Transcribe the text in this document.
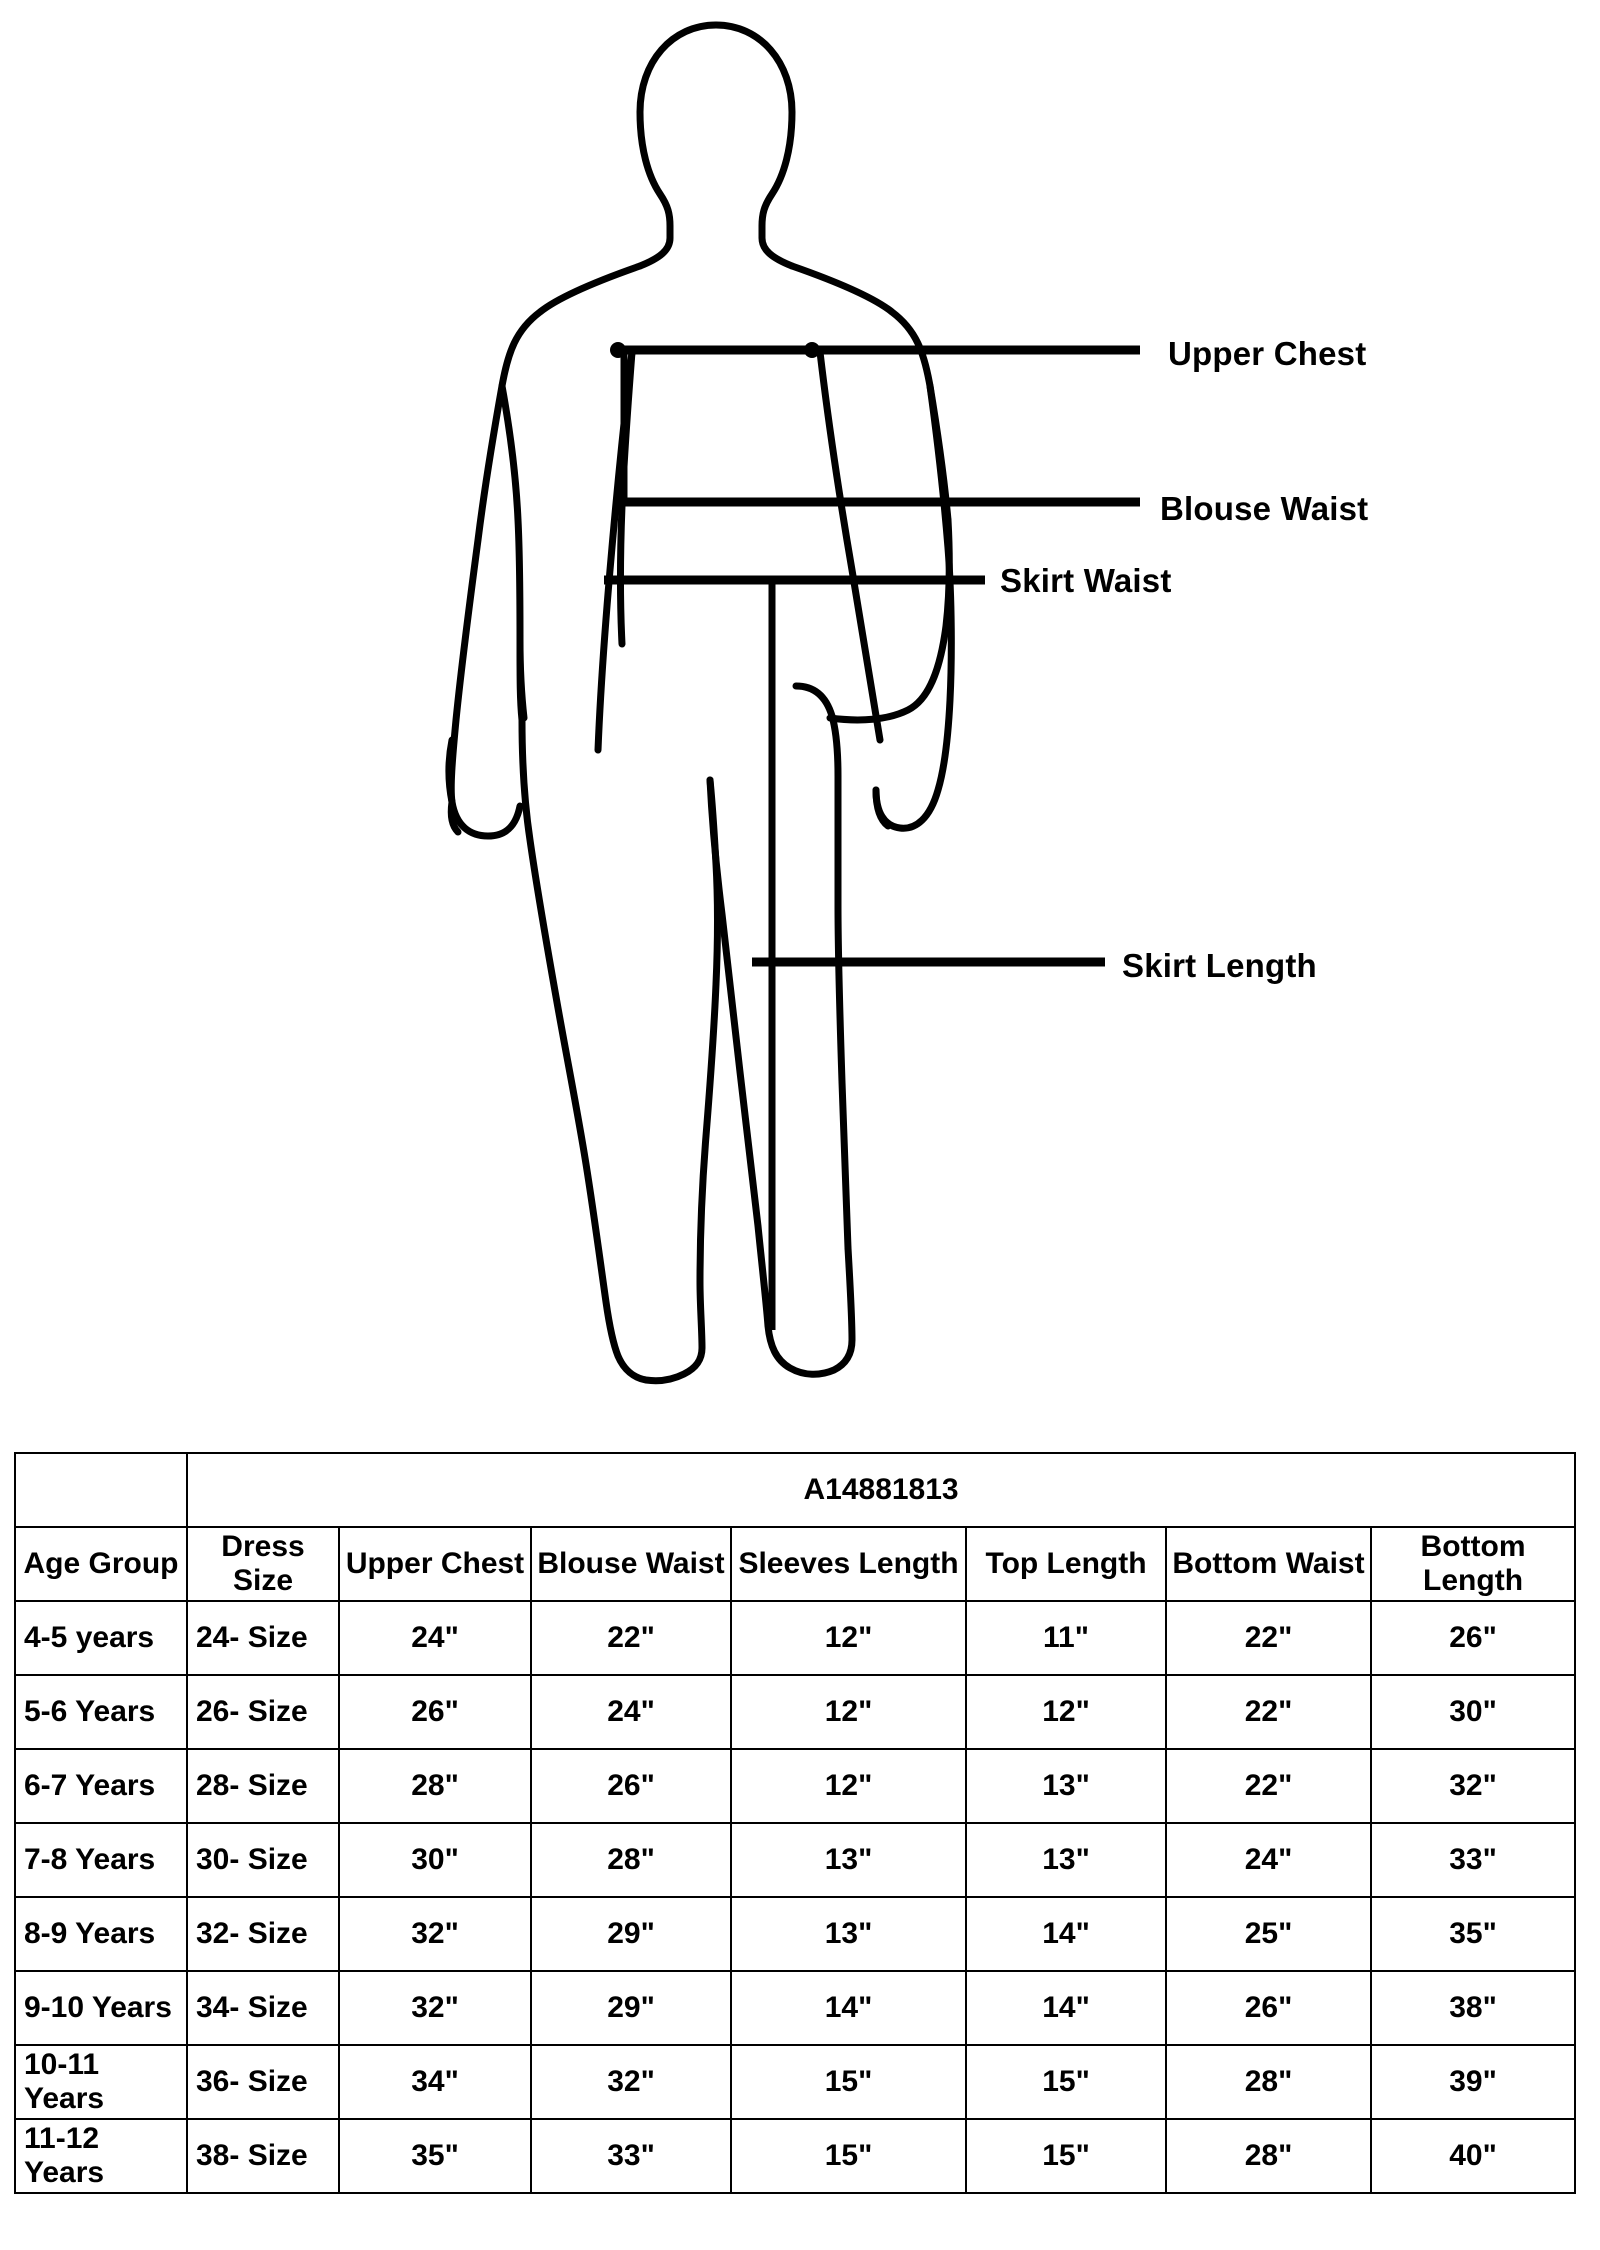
Upper Chest
Blouse Waist
Skirt Waist
Skirt Length
	A14881813						
Age Group	Dress Size	Upper Chest	Blouse Waist	Sleeves Length	Top Length	Bottom Waist	Bottom Length
4-5 years	24- Size	24"	22"	12"	11"	22"	26"
5-6 Years	26- Size	26"	24"	12"	12"	22"	30"
6-7 Years	28- Size	28"	26"	12"	13"	22"	32"
7-8 Years	30- Size	30"	28"	13"	13"	24"	33"
8-9 Years	32- Size	32"	29"	13"	14"	25"	35"
9-10 Years	34- Size	32"	29"	14"	14"	26"	38"
10-11 Years	36- Size	34"	32"	15"	15"	28"	39"
11-12 Years	38- Size	35"	33"	15"	15"	28"	40"
